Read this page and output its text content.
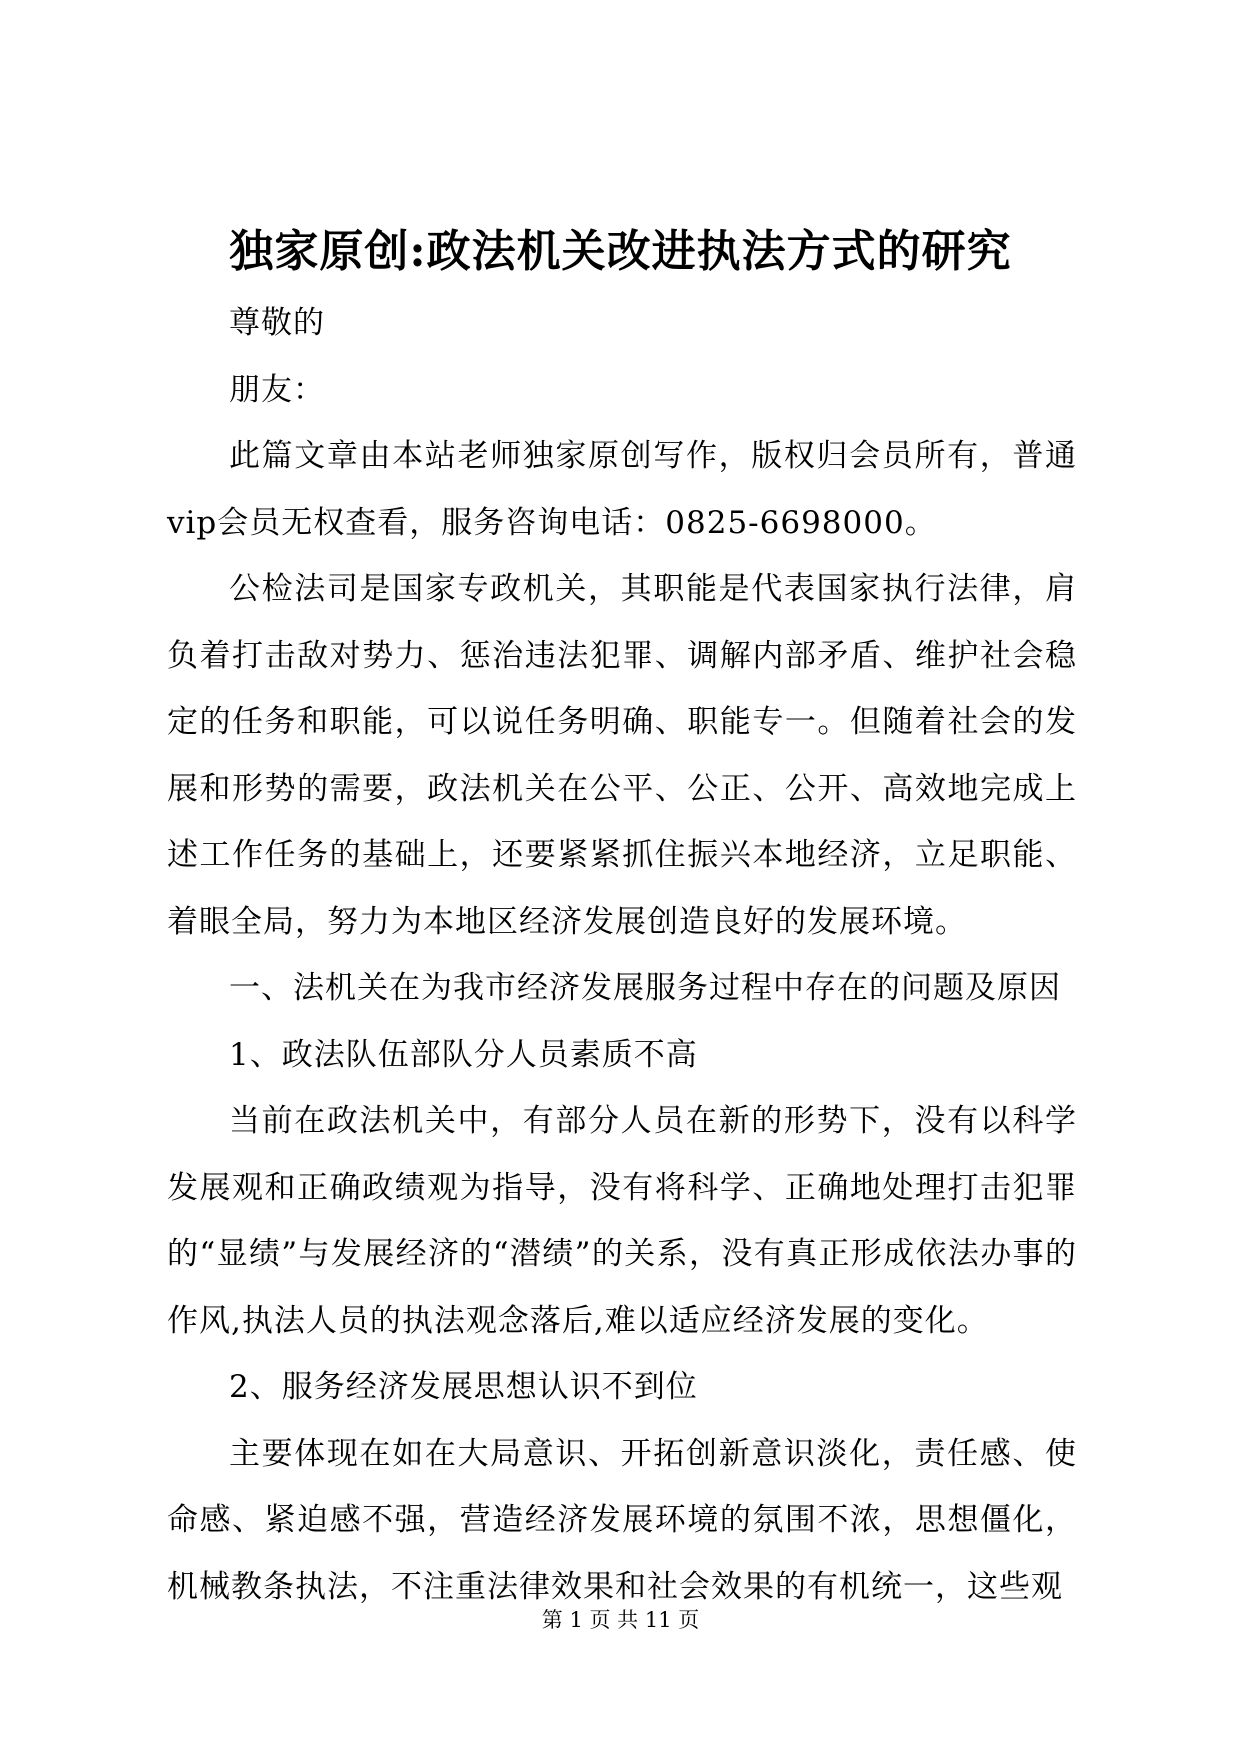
独家原创:政法机关改进执法方式的研究

尊敬的

朋友：

此篇文章由本站老师独家原创写作，版权归会员所有，普通vip会员无权查看，服务咨询电话：0825-6698000。

公检法司是国家专政机关，其职能是代表国家执行法律，肩负着打击敌对势力、惩治违法犯罪、调解内部矛盾、维护社会稳定的任务和职能，可以说任务明确、职能专一。但随着社会的发展和形势的需要，政法机关在公平、公正、公开、高效地完成上述工作任务的基础上，还要紧紧抓住振兴本地经济，立足职能、着眼全局，努力为本地区经济发展创造良好的发展环境。

一、法机关在为我市经济发展服务过程中存在的问题及原因

1、政法队伍部队分人员素质不高

当前在政法机关中，有部分人员在新的形势下，没有以科学发展观和正确政绩观为指导，没有将科学、正确地处理打击犯罪的“显绩”与发展经济的“潜绩”的关系，没有真正形成依法办事的作风,执法人员的执法观念落后,难以适应经济发展的变化。

2、服务经济发展思想认识不到位

主要体现在如在大局意识、开拓创新意识淡化，责任感、使命感、紧迫感不强，营造经济发展环境的氛围不浓，思想僵化，机械教条执法，不注重法律效果和社会效果的有机统一，这些观

第 1 页 共 11 页
